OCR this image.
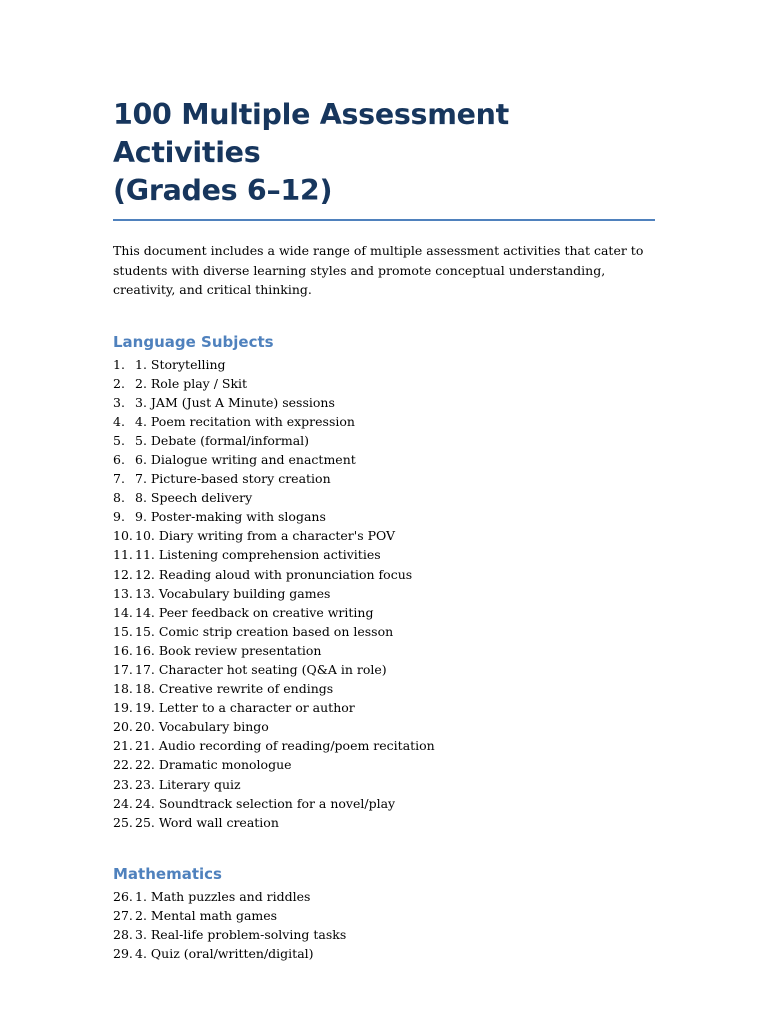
100 Multiple Assessment Activities
(Grades 6–12)

This document includes a wide range of multiple assessment activities that cater to students with diverse learning styles and promote conceptual understanding, creativity, and critical thinking.

Language Subjects
1. 1. Storytelling
2. 2. Role play / Skit
3. 3. JAM (Just A Minute) sessions
4. 4. Poem recitation with expression
5. 5. Debate (formal/informal)
6. 6. Dialogue writing and enactment
7. 7. Picture-based story creation
8. 8. Speech delivery
9. 9. Poster-making with slogans
10. 10. Diary writing from a character's POV
11. 11. Listening comprehension activities
12. 12. Reading aloud with pronunciation focus
13. 13. Vocabulary building games
14. 14. Peer feedback on creative writing
15. 15. Comic strip creation based on lesson
16. 16. Book review presentation
17. 17. Character hot seating (Q&A in role)
18. 18. Creative rewrite of endings
19. 19. Letter to a character or author
20. 20. Vocabulary bingo
21. 21. Audio recording of reading/poem recitation
22. 22. Dramatic monologue
23. 23. Literary quiz
24. 24. Soundtrack selection for a novel/play
25. 25. Word wall creation
Mathematics
26. 1. Math puzzles and riddles
27. 2. Mental math games
28. 3. Real-life problem-solving tasks
29. 4. Quiz (oral/written/digital)
